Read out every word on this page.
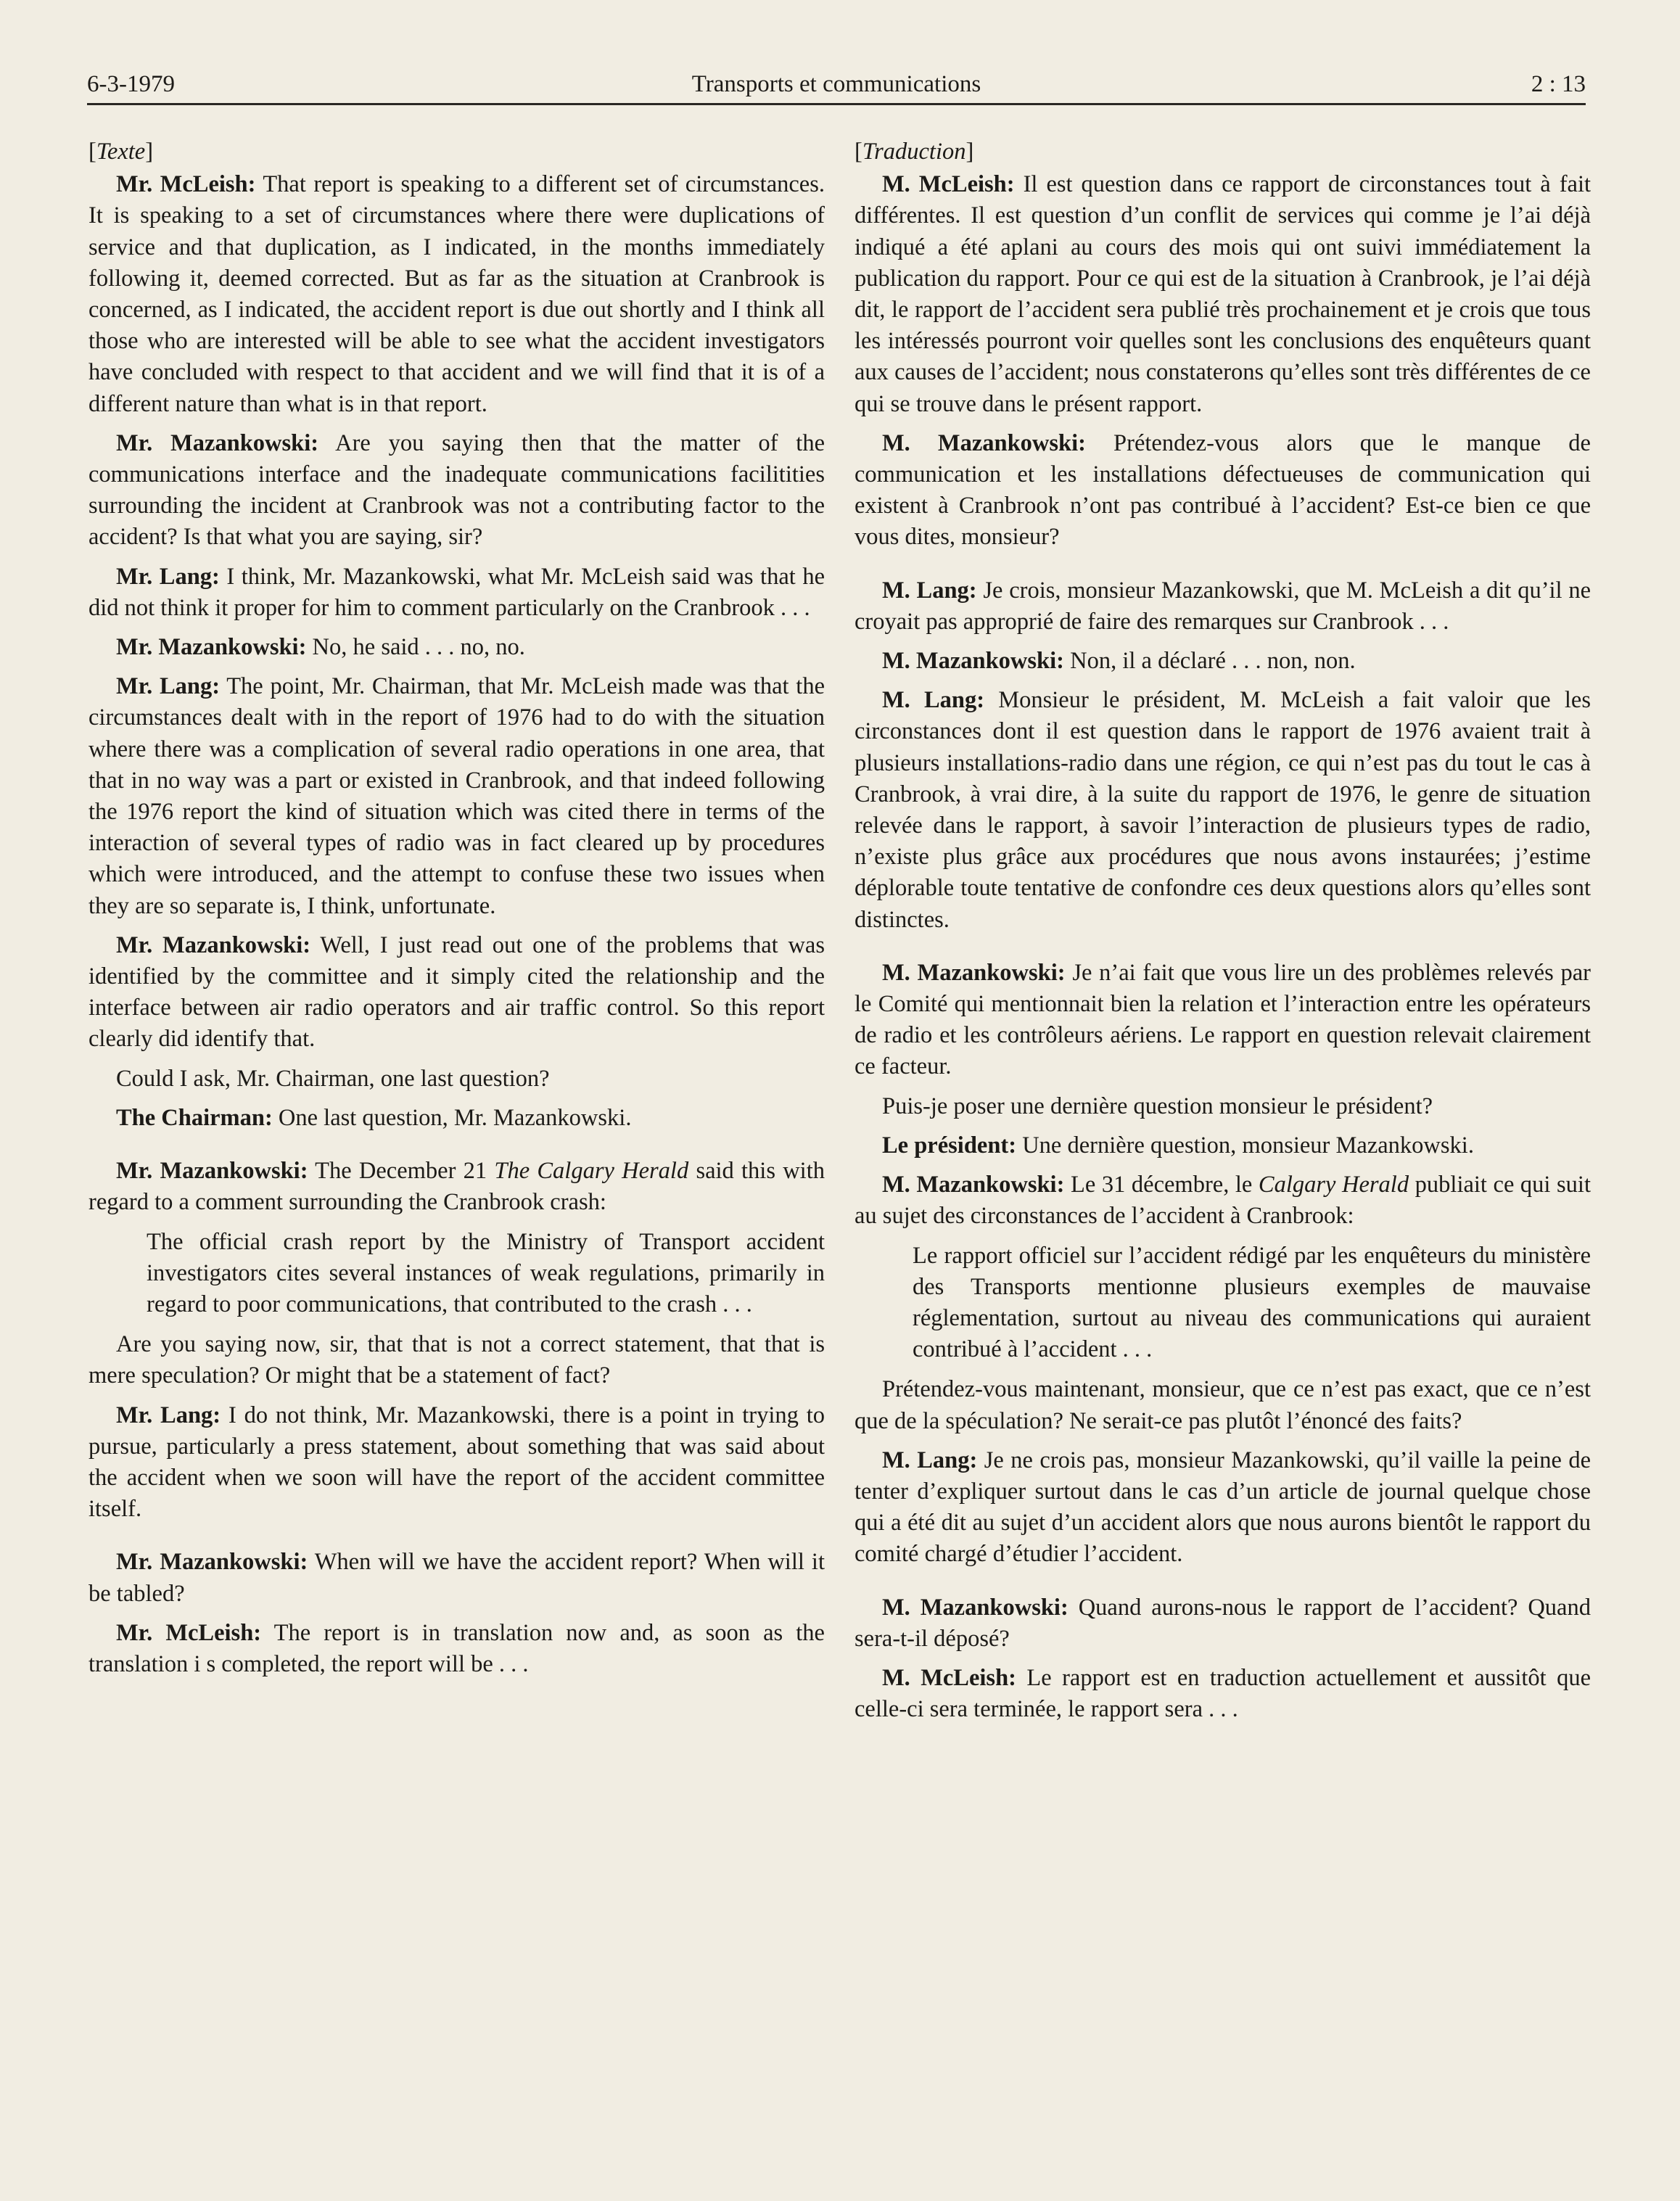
6-3-1979	Transports et communications	2 : 13

[Texte]

Mr. McLeish: That report is speaking to a different set of circumstances. It is speaking to a set of circumstances where there were duplications of service and that duplication, as I indicated, in the months immediately following it, deemed corrected. But as far as the situation at Cranbrook is concerned, as I indicated, the accident report is due out shortly and I think all those who are interested will be able to see what the accident investigators have concluded with respect to that accident and we will find that it is of a different nature than what is in that report.

Mr. Mazankowski: Are you saying then that the matter of the communications interface and the inadequate communications facilitities surrounding the incident at Cranbrook was not a contributing factor to the accident? Is that what you are saying, sir?

Mr. Lang: I think, Mr. Mazankowski, what Mr. McLeish said was that he did not think it proper for him to comment particularly on the Cranbrook . . .

Mr. Mazankowski: No, he said . . . no, no.

Mr. Lang: The point, Mr. Chairman, that Mr. McLeish made was that the circumstances dealt with in the report of 1976 had to do with the situation where there was a complication of several radio operations in one area, that that in no way was a part or existed in Cranbrook, and that indeed following the 1976 report the kind of situation which was cited there in terms of the interaction of several types of radio was in fact cleared up by procedures which were introduced, and the attempt to confuse these two issues when they are so separate is, I think, unfortunate.

Mr. Mazankowski: Well, I just read out one of the problems that was identified by the committee and it simply cited the relationship and the interface between air radio operators and air traffic control. So this report clearly did identify that.

Could I ask, Mr. Chairman, one last question?

The Chairman: One last question, Mr. Mazankowski.

Mr. Mazankowski: The December 21 The Calgary Herald said this with regard to a comment surrounding the Cranbrook crash:

The official crash report by the Ministry of Transport accident investigators cites several instances of weak regulations, primarily in regard to poor communications, that contributed to the crash . . .

Are you saying now, sir, that that is not a correct statement, that that is mere speculation? Or might that be a statement of fact?

Mr. Lang: I do not think, Mr. Mazankowski, there is a point in trying to pursue, particularly a press statement, about something that was said about the accident when we soon will have the report of the accident committee itself.

Mr. Mazankowski: When will we have the accident report? When will it be tabled?

Mr. McLeish: The report is in translation now and, as soon as the translation i s completed, the report will be . . .

[Traduction]

M. McLeish: Il est question dans ce rapport de circonstances tout à fait différentes. Il est question d’un conflit de services qui comme je l’ai déjà indiqué a été aplani au cours des mois qui ont suivi immédiatement la publication du rapport. Pour ce qui est de la situation à Cranbrook, je l’ai déjà dit, le rapport de l’accident sera publié très prochainement et je crois que tous les intéressés pourront voir quelles sont les conclusions des enquêteurs quant aux causes de l’accident; nous constaterons qu’elles sont très différentes de ce qui se trouve dans le présent rapport.

M. Mazankowski: Prétendez-vous alors que le manque de communication et les installations défectueuses de communication qui existent à Cranbrook n’ont pas contribué à l’accident? Est-ce bien ce que vous dites, monsieur?

M. Lang: Je crois, monsieur Mazankowski, que M. McLeish a dit qu’il ne croyait pas approprié de faire des remarques sur Cranbrook . . .

M. Mazankowski: Non, il a déclaré . . . non, non.

M. Lang: Monsieur le président, M. McLeish a fait valoir que les circonstances dont il est question dans le rapport de 1976 avaient trait à plusieurs installations-radio dans une région, ce qui n’est pas du tout le cas à Cranbrook, à vrai dire, à la suite du rapport de 1976, le genre de situation relevée dans le rapport, à savoir l’interaction de plusieurs types de radio, n’existe plus grâce aux procédures que nous avons instaurées; j’estime déplorable toute tentative de confondre ces deux questions alors qu’elles sont distinctes.

M. Mazankowski: Je n’ai fait que vous lire un des problèmes relevés par le Comité qui mentionnait bien la relation et l’interaction entre les opérateurs de radio et les contrôleurs aériens. Le rapport en question relevait clairement ce facteur.

Puis-je poser une dernière question monsieur le président?

Le président: Une dernière question, monsieur Mazankowski.

M. Mazankowski: Le 31 décembre, le Calgary Herald publiait ce qui suit au sujet des circonstances de l’accident à Cranbrook:

Le rapport officiel sur l’accident rédigé par les enquêteurs du ministère des Transports mentionne plusieurs exemples de mauvaise réglementation, surtout au niveau des communications qui auraient contribué à l’accident . . .

Prétendez-vous maintenant, monsieur, que ce n’est pas exact, que ce n’est que de la spéculation? Ne serait-ce pas plutôt l’énoncé des faits?

M. Lang: Je ne crois pas, monsieur Mazankowski, qu’il vaille la peine de tenter d’expliquer surtout dans le cas d’un article de journal quelque chose qui a été dit au sujet d’un accident alors que nous aurons bientôt le rapport du comité chargé d’étudier l’accident.

M. Mazankowski: Quand aurons-nous le rapport de l’accident? Quand sera-t-il déposé?

M. McLeish: Le rapport est en traduction actuellement et aussitôt que celle-ci sera terminée, le rapport sera . . .
